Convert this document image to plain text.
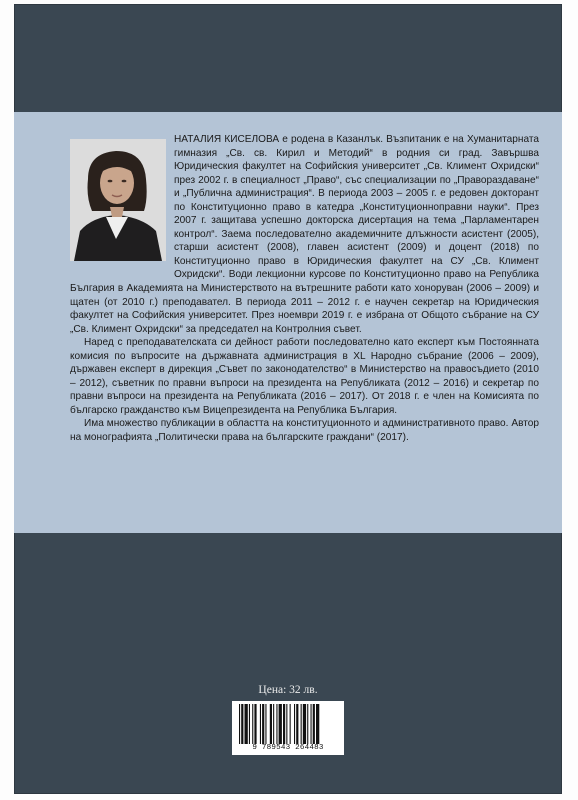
НАТАЛИЯ КИСЕЛОВА е родена в Казанлък. Възпитаник е на Хуманитарната гимназия „Св. св. Кирил и Методий“ в родния си град. Завършва Юридическия факултет на Софийския университет „Св. Климент Охридски“ през 2002 г. в специалност „Право“, със специализации по „Правораздаване“ и „Публична администрация“. В периода 2003 – 2005 г. е редовен докторант по Конституционно право в катедра „Конституционноправни науки“. През 2007 г. защитава успешно докторска дисертация на тема „Парламентарен контрол“. Заема последователно академичните длъжности асистент (2005), старши асистент (2008), главен асистент (2009) и доцент (2018) по Конституционно право в Юридическия факултет на СУ „Св. Климент Охридски“. Води лекционни курсове по Конституционно право на Република България в Академията на Министерството на вътрешните работи като хоноруван (2006 – 2009) и щатен (от 2010 г.) преподавател. В периода 2011 – 2012 г. е научен секретар на Юридическия факултет на Софийския университет. През ноември 2019 г. е избрана от Общото събрание на СУ „Св. Климент Охридски“ за председател на Контролния съвет.

Наред с преподавателската си дейност работи последователно като експерт към Постоянната комисия по въпросите на държавната администрация в XL Народно събрание (2006 – 2009), държавен експерт в дирекция „Съвет по законодателство“ в Министерство на правосъдието (2010 – 2012), съветник по правни въпроси на президента на Републиката (2012 – 2016) и секретар по правни въпроси на президента на Републиката (2016 – 2017). От 2018 г. е член на Комисията по българско гражданство към Вицепрезидента на Република България.

Има множество публикации в областта на конституционното и административното право. Автор на монографията „Политически права на българските граждани“ (2017).

Цена: 32 лв.
9 789543 264483
